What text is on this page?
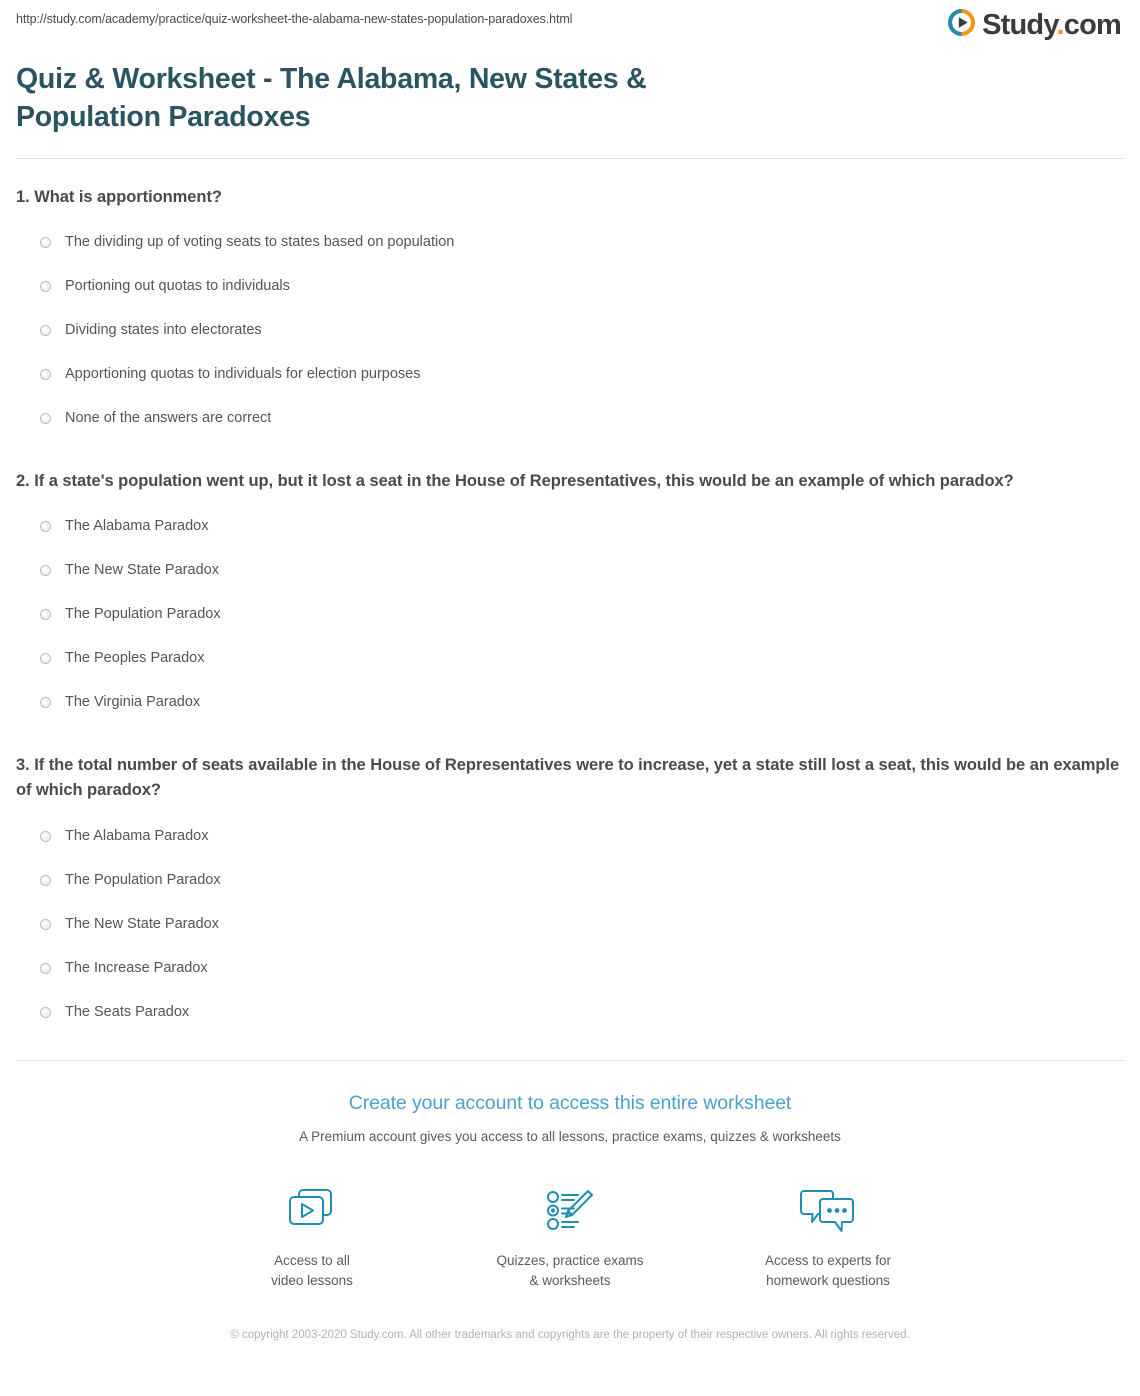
http://study.com/academy/practice/quiz-worksheet-the-alabama-new-states-population-paradoxes.html	Study.com
Quiz & Worksheet - The Alabama, New States & Population Paradoxes

1. What is apportionment?

The dividing up of voting seats to states based on population
Portioning out quotas to individuals
Dividing states into electorates
Apportioning quotas to individuals for election purposes
None of the answers are correct

2. If a state's population went up, but it lost a seat in the House of Representatives, this would be an example of which paradox?

The Alabama Paradox
The New State Paradox
The Population Paradox
The Peoples Paradox
The Virginia Paradox

3. If the total number of seats available in the House of Representatives were to increase, yet a state still lost a seat, this would be an example of which paradox?

The Alabama Paradox
The Population Paradox
The New State Paradox
The Increase Paradox
The Seats Paradox
Create your account to access this entire worksheet

A Premium account gives you access to all lessons, practice exams, quizzes & worksheets

Access to all
video lessons
Quizzes, practice exams
& worksheets
Access to experts for
homework questions
© copyright 2003-2020 Study.com. All other trademarks and copyrights are the property of their respective owners. All rights reserved.
